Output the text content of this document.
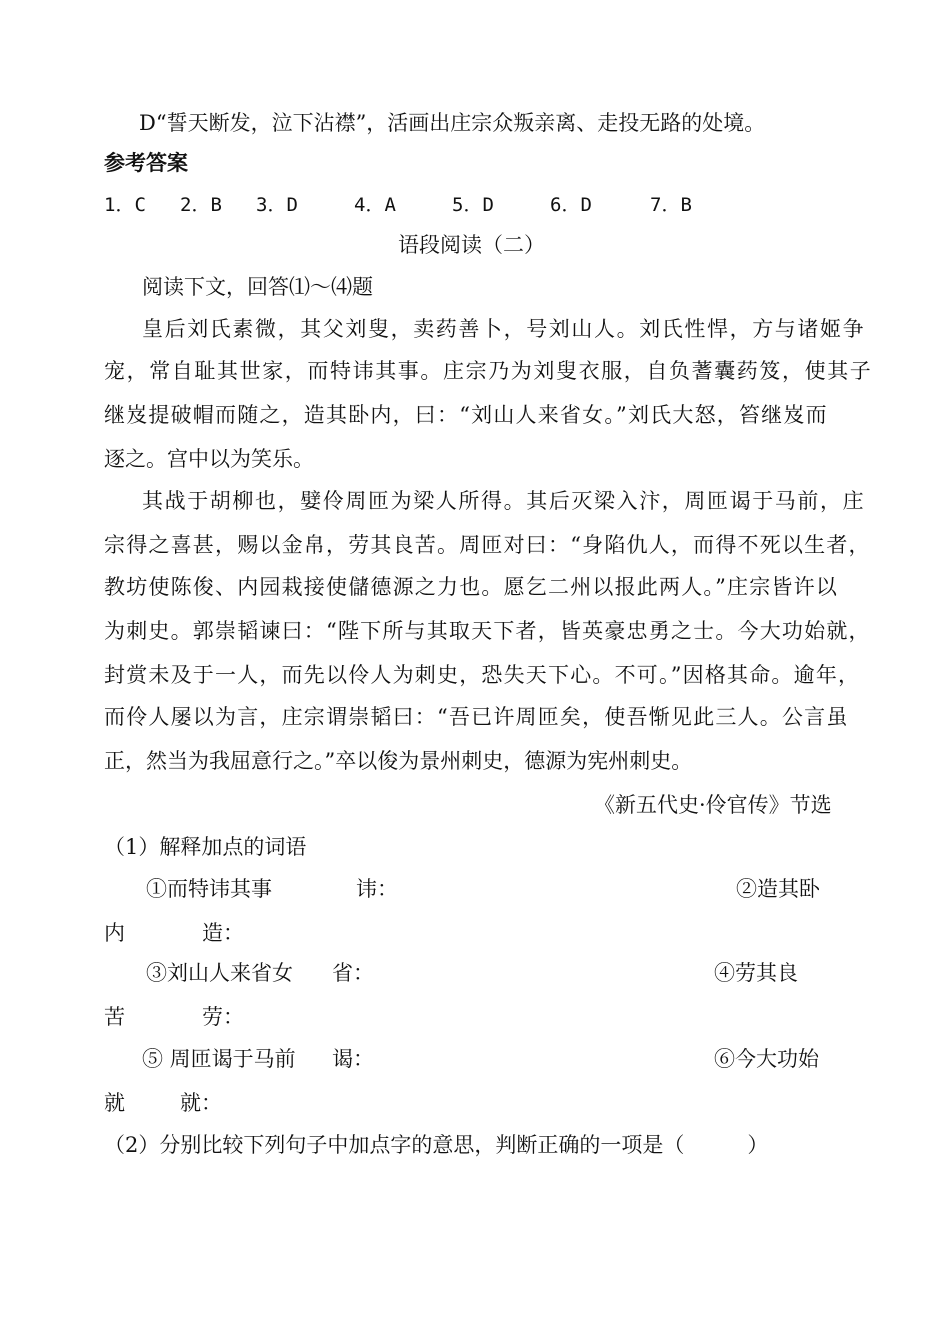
D“誓天断发，泣下沾襟”，活画出庄宗众叛亲离、走投无路的处境。
参考答案
1．C 2．B 3．D	4．A	5．D	6．D	7．B
语段阅读（二）
阅读下文，回答⑴～⑷题
皇后刘氏素微，其父刘叟，卖药善卜，号刘山人。刘氏性悍，方与诸姬争
宠，常自耻其世家，而特讳其事。庄宗乃为刘叟衣服，自负蓍囊药笈，使其子
继岌提破帽而随之，造其卧内，曰：“刘山人来省女。”刘氏大怒，笞继岌而
逐之。宫中以为笑乐。
其战于胡柳也，嬖伶周匝为梁人所得。其后灭梁入汴，周匝谒于马前，庄
宗得之喜甚，赐以金帛，劳其良苦。周匝对曰：“身陷仇人，而得不死以生者，
教坊使陈俊、内园栽接使儲德源之力也。愿乞二州以报此两人。”庄宗皆许以
为刺史。郭崇韬谏曰：“陛下所与其取天下者，皆英豪忠勇之士。今大功始就，
封赏未及于一人，而先以伶人为刺史，恐失天下心。不可。”因格其命。逾年，
而伶人屡以为言，庄宗谓崇韬曰：“吾已许周匝矣，使吾惭见此三人。公言虽
正，然当为我屈意行之。”卒以俊为景州刺史，德源为宪州刺史。
《新五代史·伶官传》节选
（1）解释加点的词语
①而特讳其事	讳：	②造其卧
内	造：
③刘山人来省女 省：	④劳其良
苦	劳：
⑤ 周匝谒于马前 谒：	⑥今大功始
就	就：
（2）分别比较下列句子中加点字的意思，判断正确的一项是（　　　）
